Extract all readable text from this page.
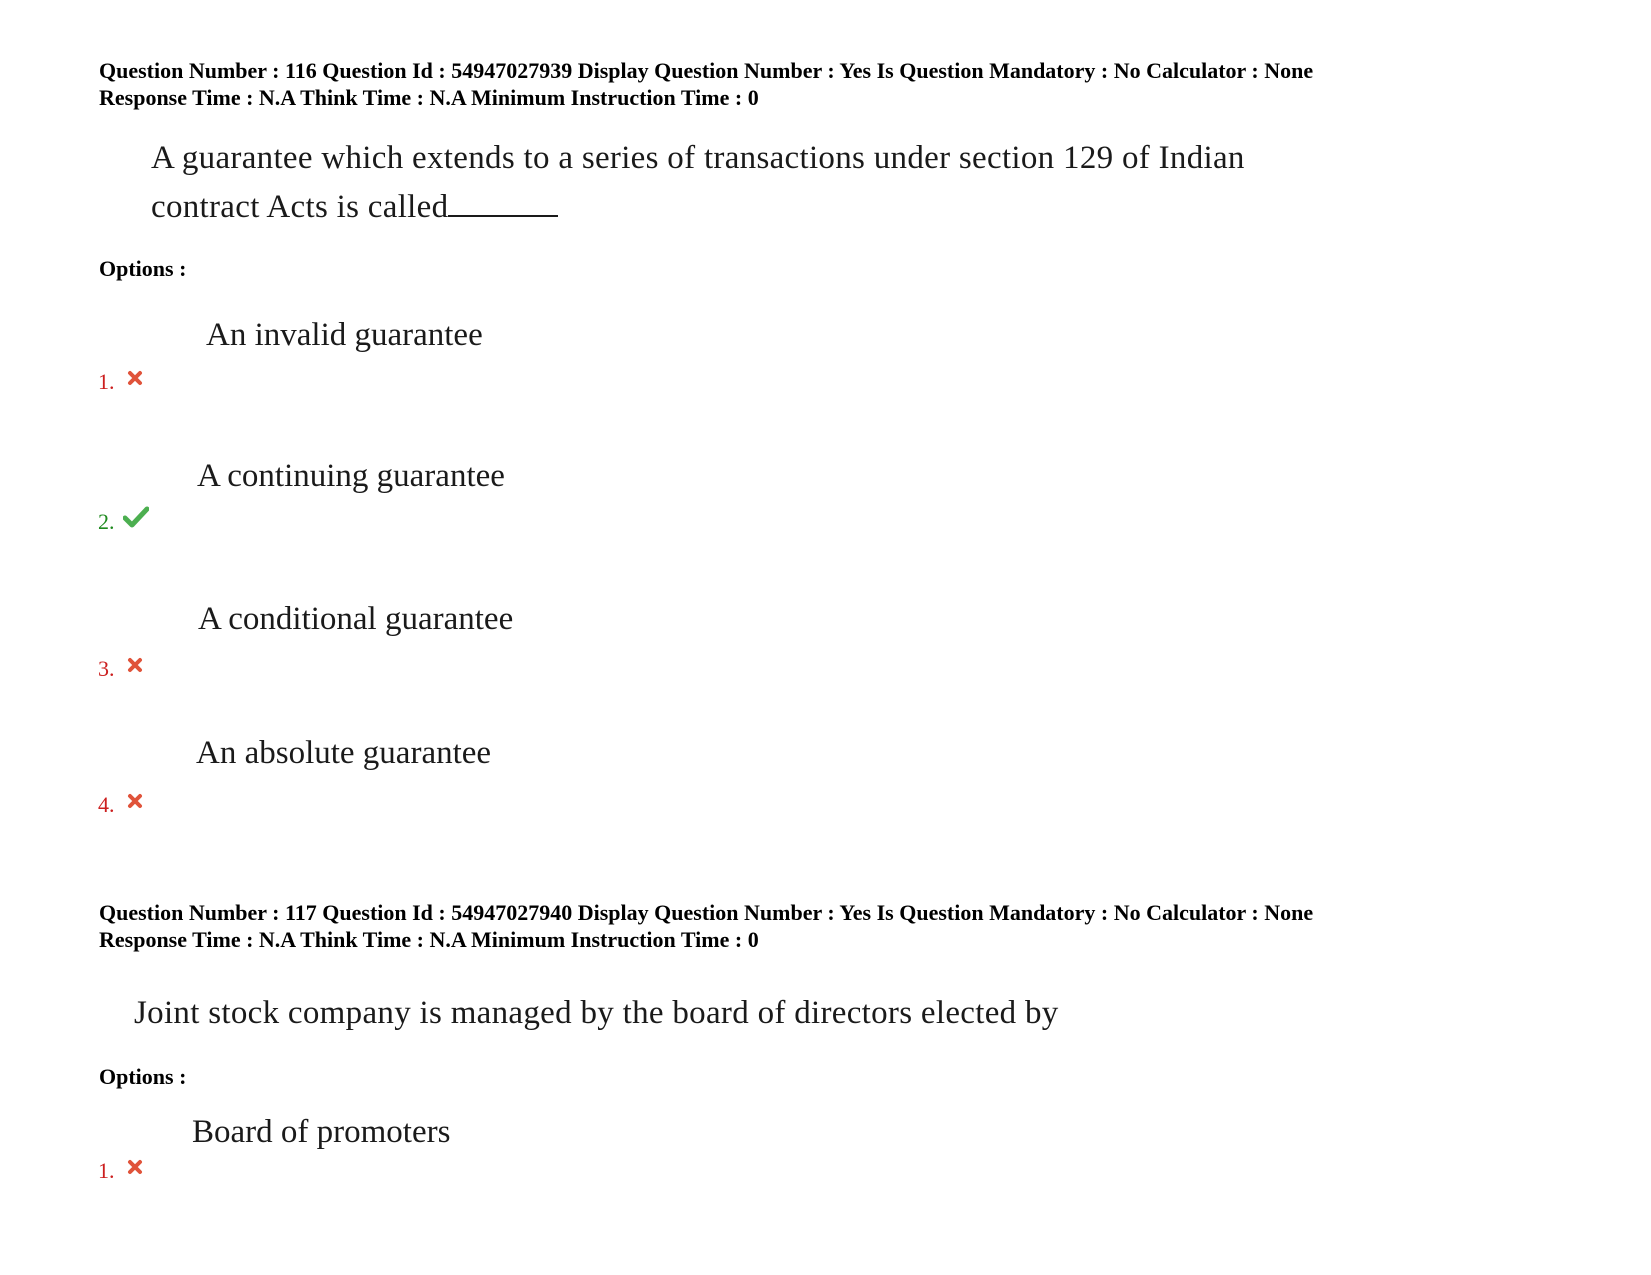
Question Number : 116 Question Id : 54947027939 Display Question Number : Yes Is Question Mandatory : No Calculator : None
Response Time : N.A Think Time : N.A Minimum Instruction Time : 0
A guarantee which extends to a series of transactions under section 129 of Indian
contract Acts is called
Options :
An invalid guarantee
1.
A continuing guarantee
2.
A conditional guarantee
3.
An absolute guarantee
4.
Question Number : 117 Question Id : 54947027940 Display Question Number : Yes Is Question Mandatory : No Calculator : None
Response Time : N.A Think Time : N.A Minimum Instruction Time : 0
Joint stock company is managed by the board of directors elected by
Options :
Board of promoters
1.
